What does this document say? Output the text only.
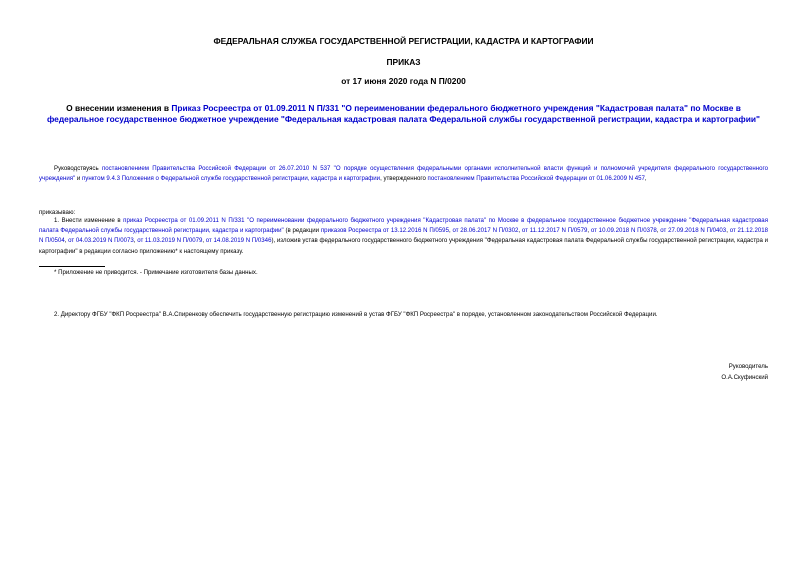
ФЕДЕРАЛЬНАЯ СЛУЖБА ГОСУДАРСТВЕННОЙ РЕГИСТРАЦИИ, КАДАСТРА И КАРТОГРАФИИ
ПРИКАЗ
от 17 июня 2020 года N П/0200
О внесении изменения в Приказ Росреестра от 01.09.2011 N П/331 "О переименовании федерального бюджетного учреждения "Кадастровая палата" по Москве в федеральное государственное бюджетное учреждение "Федеральная кадастровая палата Федеральной службы государственной регистрации, кадастра и картографии"
Руководствуясь постановлением Правительства Российской Федерации от 26.07.2010 N 537 "О порядке осуществления федеральными органами исполнительной власти функций и полномочий учредителя федерального государственного учреждения" и пунктом 9.4.3 Положения о Федеральной службе государственной регистрации, кадастра и картографии, утвержденного постановлением Правительства Российской Федерации от 01.06.2009 N 457,
приказываю:
1. Внести изменение в приказ Росреестра от 01.09.2011 N П/331 "О переименовании федерального бюджетного учреждения "Кадастровая палата" по Москве в федеральное государственное бюджетное учреждение "Федеральная кадастровая палата Федеральной службы государственной регистрации, кадастра и картографии" (в редакции приказов Росреестра от 13.12.2016 N П/0595, от 28.06.2017 N П/0302, от 11.12.2017 N П/0579, от 10.09.2018 N П/0378, от 27.09.2018 N П/0403, от 21.12.2018 N П/0504, от 04.03.2019 N П/0073, от 11.03.2019 N П/0079, от 14.08.2019 N П/0346), изложив устав федерального государственного бюджетного учреждения "Федеральная кадастровая палата Федеральной службы государственной регистрации, кадастра и картографии" в редакции согласно приложению* к настоящему приказу.
* Приложение не приводится. - Примечание изготовителя базы данных.
2. Директору ФГБУ "ФКП Росреестра" В.А.Спиренкову обеспечить государственную регистрацию изменений в устав ФГБУ "ФКП Росреестра" в порядке, установленном законодательством Российской Федерации.
Руководитель
О.А.Скуфинский
